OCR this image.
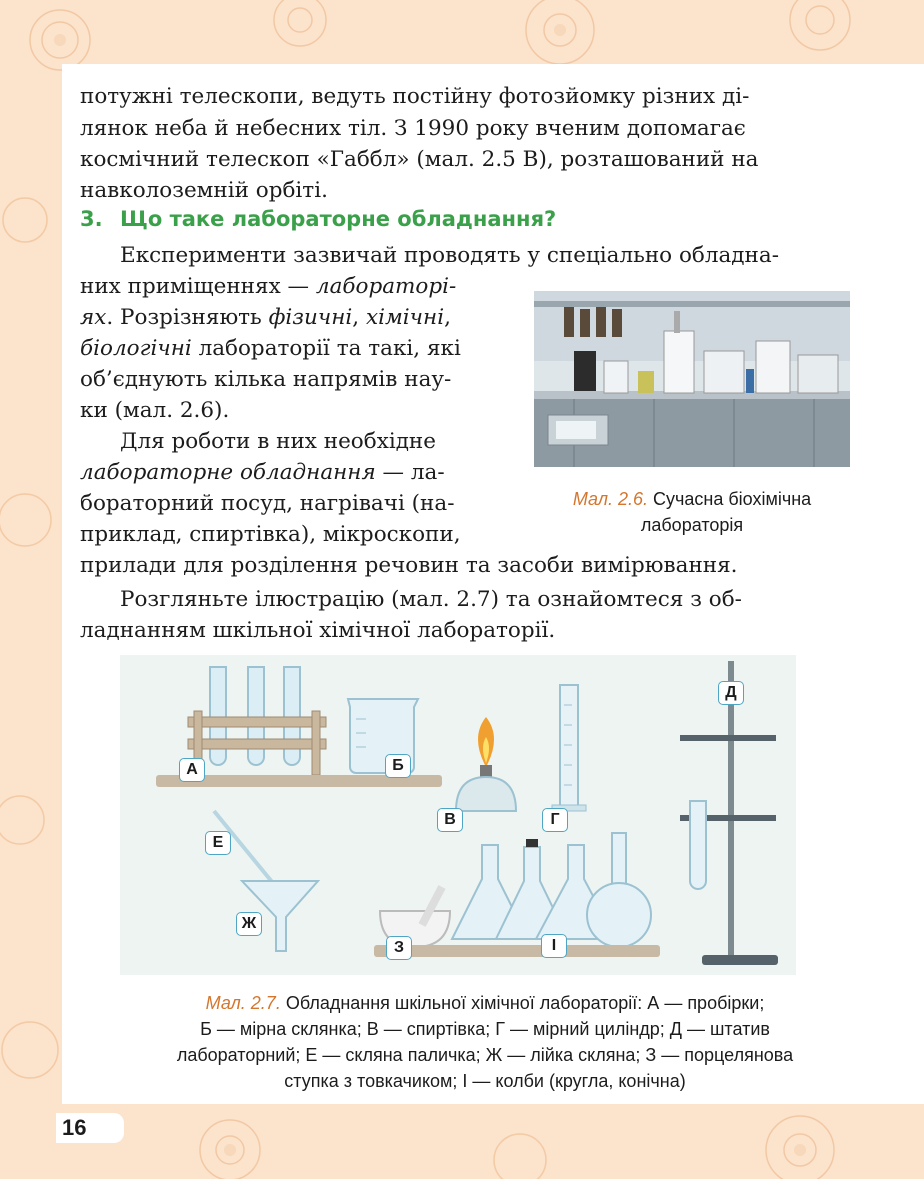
потужні телескопи, ведуть постійну фотозйомку різних ді-
лянок неба й небесних тіл. З 1990 року вченим допомагає
космічний телескоп «Габбл» (мал. 2.5 В), розташований на
навколоземній орбіті.
3. Що таке лабораторне обладнання?
Експерименти зазвичай проводять у спеціально обладна-
них приміщеннях — лабораторі-
ях. Розрізняють фізичні, хімічні,
біологічні лабораторії та такі, які
об’єднують кілька напрямів нау-
ки (мал. 2.6).
Для роботи в них необхідне
лабораторне обладнання — ла-
бораторний посуд, нагрівачі (на-
приклад, спиртівка), мікроскопи,
прилади для розділення речовин та засоби вимірювання.
Розгляньте ілюстрацію (мал. 2.7) та ознайомтеся з об-
ладнанням шкільної хімічної лабораторії.
Мал. 2.6. Сучасна біохімічна
лабораторія
А	Б
В	Г
Д
Е
Ж
З	І
Мал. 2.7. Обладнання шкільної хімічної лабораторії: А — пробірки;
Б — мірна склянка; В — спиртівка; Г — мірний циліндр; Д — штатив
лабораторний; Е — скляна паличка; Ж — лійка скляна; З — порцелянова
ступка з товкачиком; І — колби (кругла, конічна)
16
